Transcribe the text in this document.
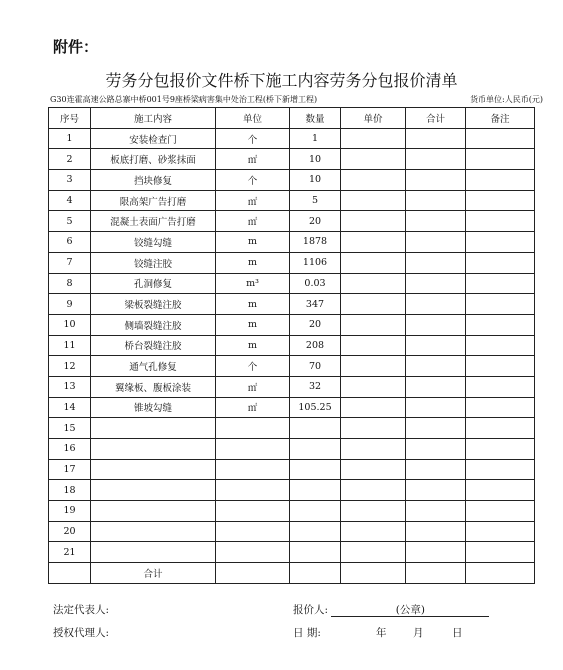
附件：
劳务分包报价文件桥下施工内容劳务分包报价清单
G30连霍高速公路总寨中桥001号9座桥梁病害集中处治工程(桥下新增工程)	货币单位:人民币(元)
序号	施工内容	单位	数量	单价	合计	备注
1	安装检查门	个	1			
2	板底打磨、砂浆抹面	㎡	10			
3	挡块修复	个	10			
4	限高架广告打磨	㎡	5			
5	混凝土表面广告打磨	㎡	20			
6	铰缝勾缝	m	1878			
7	铰缝注胶	m	1106			
8	孔洞修复	m³	0.03			
9	梁板裂缝注胶	m	347			
10	侧墙裂缝注胶	m	20			
11	桥台裂缝注胶	m	208			
12	通气孔修复	个	70			
13	翼缘板、腹板涂装	㎡	32			
14	锥坡勾缝	㎡	105.25			
15						
16						
17						
18						
19						
20						
21						
	合计					
法定代表人:	报价人:	(公章)
授权代理人:	日 期:	年	月	日
